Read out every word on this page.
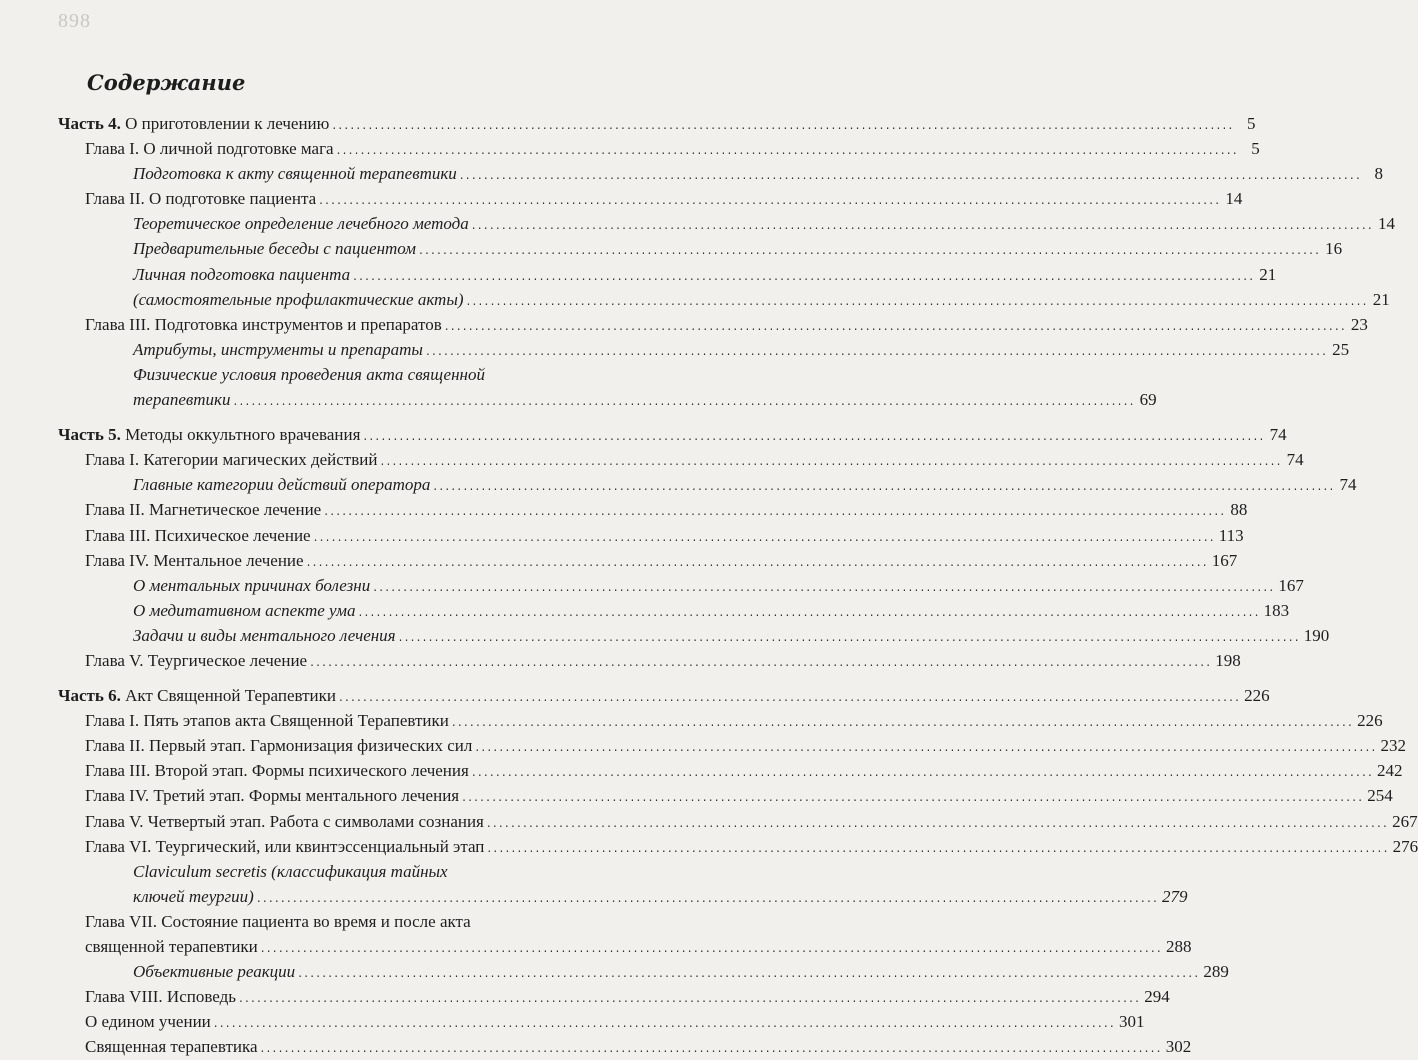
898
Содержание
Часть 4. О приготовлении к лечению .....	5
Глава I. О личной подготовке мага .....	5
Подготовка к акту священной терапевтики .....	8
Глава II. О подготовке пациента .....	14
Теоретическое определение лечебного метода .....	14
Предварительные беседы с пациентом .....	16
Личная подготовка пациента .....	21
(самостоятельные профилактические акты) .....	21
Глава III. Подготовка инструментов и препаратов .....	23
Атрибуты, инструменты и препараты .....	25
Физические условия проведения акта священной
терапевтики .....	69
Часть 5. Методы оккультного врачевания .....	74
Глава I. Категории магических действий .....	74
Главные категории действий оператора .....	74
Глава II. Магнетическое лечение .....	88
Глава III. Психическое лечение .....	113
Глава IV. Ментальное лечение .....	167
О ментальных причинах болезни .....	167
О медитативном аспекте ума .....	183
Задачи и виды ментального лечения .....	190
Глава V. Теургическое лечение .....	198
Часть 6. Акт Священной Терапевтики .....	226
Глава I. Пять этапов акта Священной Терапевтики .....	226
Глава II. Первый этап. Гармонизация физических сил .....	232
Глава III. Второй этап. Формы психического лечения .....	242
Глава IV. Третий этап. Формы ментального лечения .....	254
Глава V. Четвертый этап. Работа с символами сознания .....	267
Глава VI. Теургический, или квинтэссенциальный этап .....	276
Clavicu​lum secretis (классификация тайных
ключей теургии) .....	279
Глава VII. Состояние пациента во время и после акта
священной терапевтики .....	288
Объективные реакции .....	289
Глава VIII. Исповедь .....	294
О едином учении .....	301
Священная терапевтика .....	302
